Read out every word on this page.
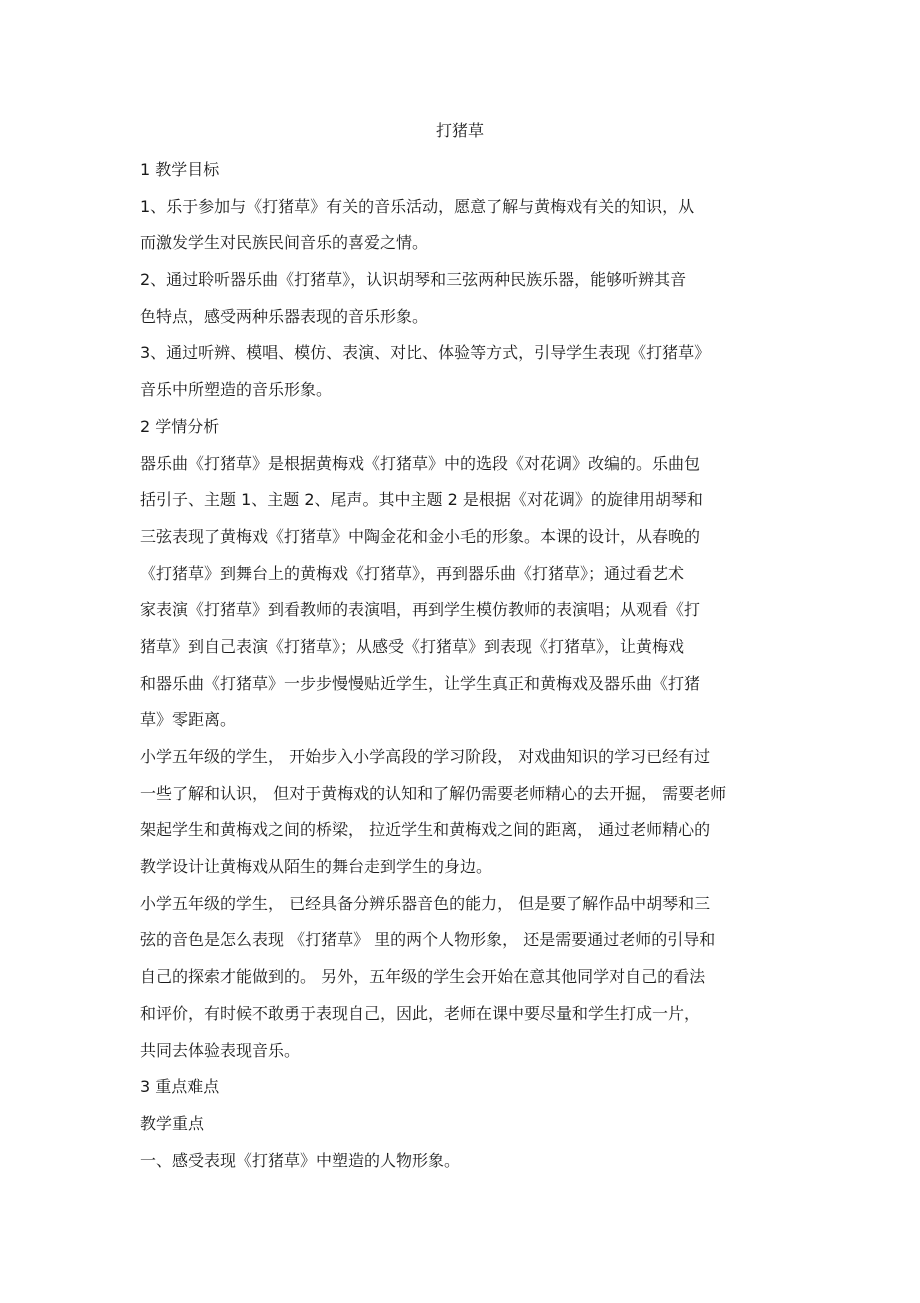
打猪草
1 教学目标
1、乐于参加与《打猪草》有关的音乐活动，愿意了解与黄梅戏有关的知识，从
而激发学生对民族民间音乐的喜爱之情。
2、通过聆听器乐曲《打猪草》，认识胡琴和三弦两种民族乐器，能够听辨其音
色特点，感受两种乐器表现的音乐形象。
3、通过听辨、模唱、模仿、表演、对比、体验等方式，引导学生表现《打猪草》
音乐中所塑造的音乐形象。
2 学情分析
器乐曲《打猪草》是根据黄梅戏《打猪草》中的选段《对花调》改编的。乐曲包
括引子、主题 1、主题 2、尾声。其中主题 2 是根据《对花调》的旋律用胡琴和
三弦表现了黄梅戏《打猪草》中陶金花和金小毛的形象。本课的设计，从春晚的
《打猪草》到舞台上的黄梅戏《打猪草》，再到器乐曲《打猪草》；通过看艺术
家表演《打猪草》到看教师的表演唱，再到学生模仿教师的表演唱；从观看《打
猪草》到自己表演《打猪草》；从感受《打猪草》到表现《打猪草》，让黄梅戏
和器乐曲《打猪草》一步步慢慢贴近学生，让学生真正和黄梅戏及器乐曲《打猪
草》零距离。
小学五年级的学生， 开始步入小学高段的学习阶段， 对戏曲知识的学习已经有过
一些了解和认识， 但对于黄梅戏的认知和了解仍需要老师精心的去开掘， 需要老师
架起学生和黄梅戏之间的桥梁， 拉近学生和黄梅戏之间的距离， 通过老师精心的
教学设计让黄梅戏从陌生的舞台走到学生的身边。
小学五年级的学生， 已经具备分辨乐器音色的能力， 但是要了解作品中胡琴和三
弦的音色是怎么表现 《打猪草》 里的两个人物形象， 还是需要通过老师的引导和
自己的探索才能做到的。 另外，五年级的学生会开始在意其他同学对自己的看法
和评价，有时候不敢勇于表现自己，因此，老师在课中要尽量和学生打成一片，
共同去体验表现音乐。
3 重点难点
教学重点
一、感受表现《打猪草》中塑造的人物形象。
